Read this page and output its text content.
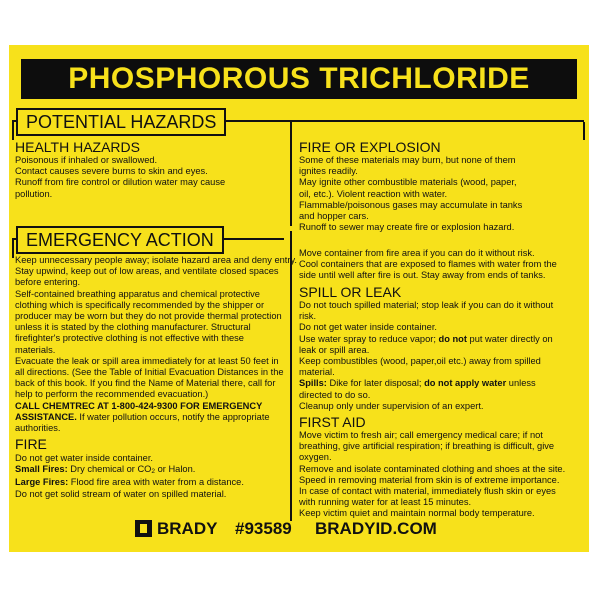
PHOSPHOROUS TRICHLORIDE
POTENTIAL HAZARDS
HEALTH HAZARDS
Poisonous if inhaled or swallowed.
Contact causes severe burns to skin and eyes.
Runoff from fire control or dilution water may cause
pollution.
FIRE OR EXPLOSION
Some of these materials may burn, but none of them
ignites readily.
May ignite other combustible materials (wood, paper,
oil, etc.). Violent reaction with water.
Flammable/poisonous gases may accumulate in tanks
and hopper cars.
Runoff to sewer may create fire or explosion hazard.
EMERGENCY ACTION
Keep unnecessary people away; isolate hazard area and deny entry.
Stay upwind, keep out of low areas, and ventilate closed spaces
before entering.
Self-contained breathing apparatus and chemical protective
clothing which is specifically recommended by the shipper or
producer may be worn but they do not provide thermal protection
unless it is stated by the clothing manufacturer. Structural
firefighter's protective clothing is not effective with these
materials.
Evacuate the leak or spill area immediately for at least 50 feet in
all directions. (See the Table of Initial Evacuation Distances in the
back of this book. If you find the Name of Material there, call for
help to perform the recommended evacuation.)
CALL CHEMTREC AT 1-800-424-9300 FOR EMERGENCY
ASSISTANCE. If water pollution occurs, notify the appropriate
authorities.
FIRE
Do not get water inside container.
Small Fires: Dry chemical or CO2 or Halon.
Large Fires: Flood fire area with water from a distance.
Do not get solid stream of water on spilled material.
Move container from fire area if you can do it without risk.
Cool containers that are exposed to flames with water from the
side until well after fire is out. Stay away from ends of tanks.
SPILL OR LEAK
Do not touch spilled material; stop leak if you can do it without
risk.
Do not get water inside container.
Use water spray to reduce vapor; do not put water directly on
leak or spill area.
Keep combustibles (wood, paper,oil etc.) away from spilled
material.
Spills: Dike for later disposal; do not apply water unless
directed to do so.
Cleanup only under supervision of an expert.
FIRST AID
Move victim to fresh air; call emergency medical care; if not
breathing, give artificial respiration; if breathing is difficult, give
oxygen.
Remove and isolate contaminated clothing and shoes at the site.
Speed in removing material from skin is of extreme importance.
In case of contact with material, immediately flush skin or eyes
with running water for at least 15 minutes.
Keep victim quiet and maintain normal body temperature.
BRADY #93589 BRADYID.COM
